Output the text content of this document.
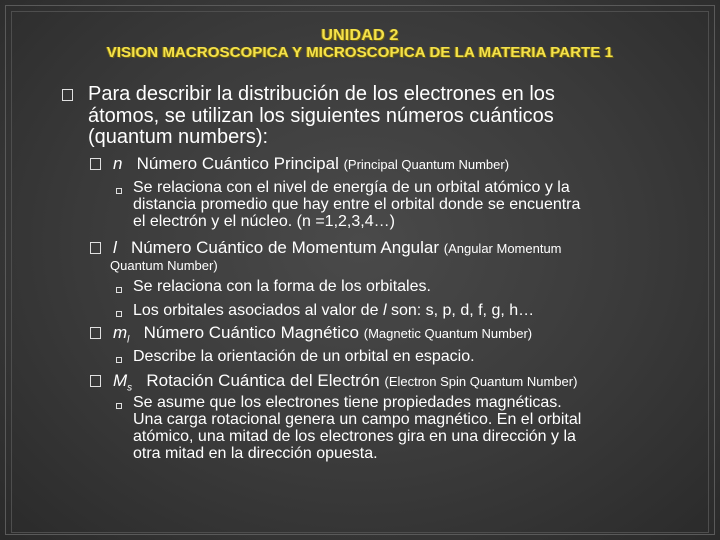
UNIDAD 2
VISION MACROSCOPICA Y MICROSCOPICA DE LA MATERIA PARTE 1
Para describir la distribución de los electrones en los
átomos, se utilizan los siguientes números cuánticos
(quantum numbers):
n Número Cuántico Principal (Principal Quantum Number)
Se relaciona con el nivel de energía de un orbital atómico y la
distancia promedio que hay entre el orbital donde se encuentra
el electrón y el núcleo. (n =1,2,3,4…)
l Número Cuántico de Momentum Angular (Angular Momentum
Quantum Number)
Se relaciona con la forma de los orbitales.
Los orbitales asociados al valor de l son: s, p, d, f, g, h…
$m_l$ Número Cuántico Magnético (Magnetic Quantum Number)
Describe la orientación de un orbital en espacio.
$M_s$ Rotación Cuántica del Electrón (Electron Spin Quantum Number)
Se asume que los electrones tiene propiedades magnéticas.
Una carga rotacional genera un campo magnético. En el orbital
atómico, una mitad de los electrones gira en una dirección y la
otra mitad en la dirección opuesta.
